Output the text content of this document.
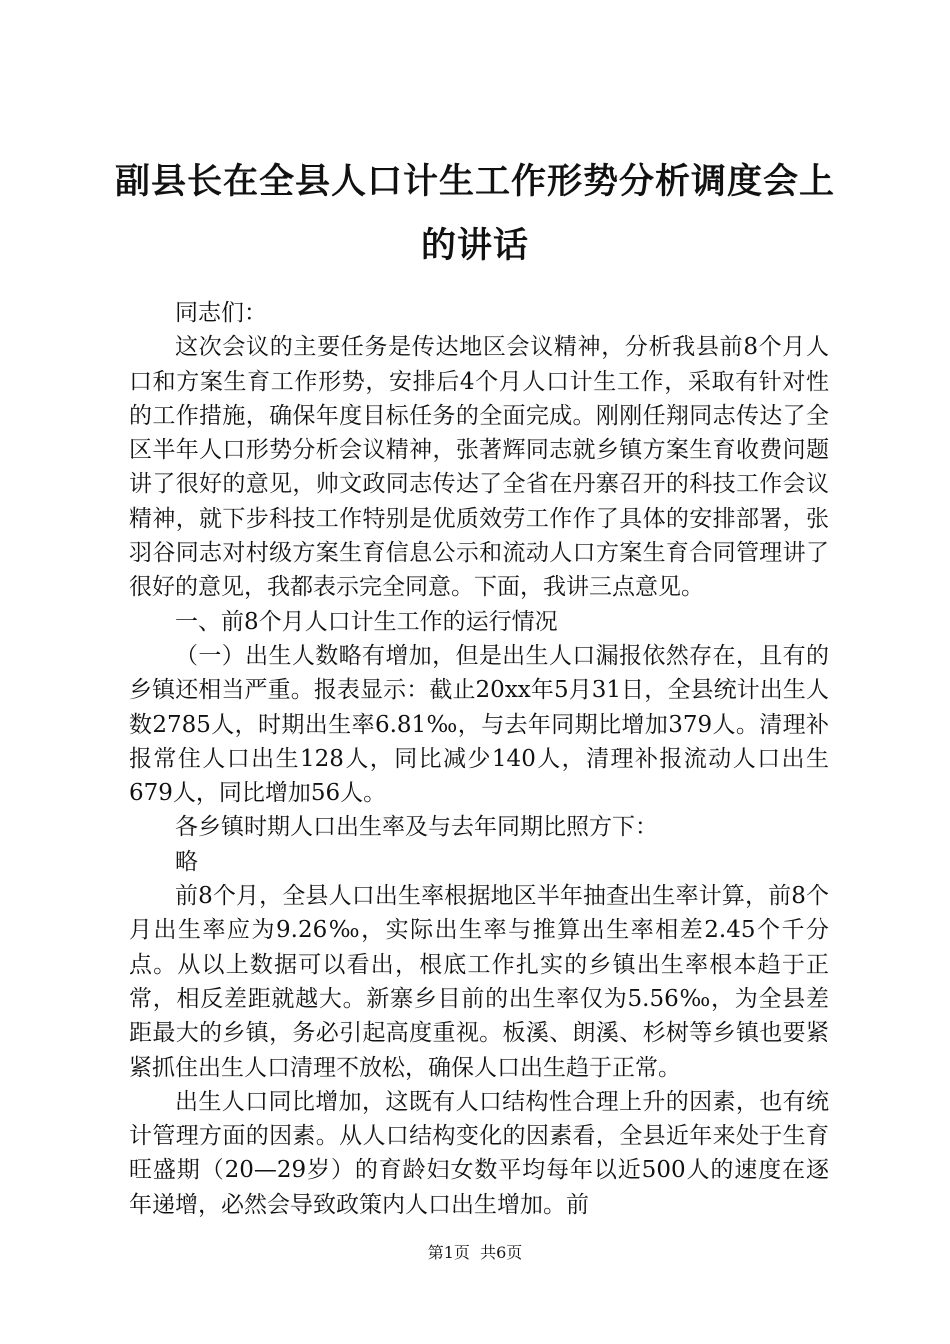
副县长在全县人口计生工作形势分析调度会上的讲话

同志们：

这次会议的主要任务是传达地区会议精神，分析我县前8个月人口和方案生育工作形势，安排后4个月人口计生工作，采取有针对性的工作措施，确保年度目标任务的全面完成。刚刚任翔同志传达了全区半年人口形势分析会议精神，张著辉同志就乡镇方案生育收费问题讲了很好的意见，帅文政同志传达了全省在丹寨召开的科技工作会议精神，就下步科技工作特别是优质效劳工作作了具体的安排部署，张羽谷同志对村级方案生育信息公示和流动人口方案生育合同管理讲了很好的意见，我都表示完全同意。下面，我讲三点意见。

一、前8个月人口计生工作的运行情况

（一）出生人数略有增加，但是出生人口漏报依然存在，且有的乡镇还相当严重。报表显示：截止20xx年5月31日，全县统计出生人数2785人，时期出生率6.81‰，与去年同期比增加379人。清理补报常住人口出生128人，同比减少140人，清理补报流动人口出生679人，同比增加56人。

各乡镇时期人口出生率及与去年同期比照方下：

略

前8个月，全县人口出生率根据地区半年抽查出生率计算，前8个月出生率应为9.26‰，实际出生率与推算出生率相差2.45个千分点。从以上数据可以看出，根底工作扎实的乡镇出生率根本趋于正常，相反差距就越大。新寨乡目前的出生率仅为5.56‰，为全县差距最大的乡镇，务必引起高度重视。板溪、朗溪、杉树等乡镇也要紧紧抓住出生人口清理不放松，确保人口出生趋于正常。

出生人口同比增加，这既有人口结构性合理上升的因素，也有统计管理方面的因素。从人口结构变化的因素看，全县近年来处于生育旺盛期（20—29岁）的育龄妇女数平均每年以近500人的速度在逐年递增，必然会导致政策内人口出生增加。前

第1页  共6页
